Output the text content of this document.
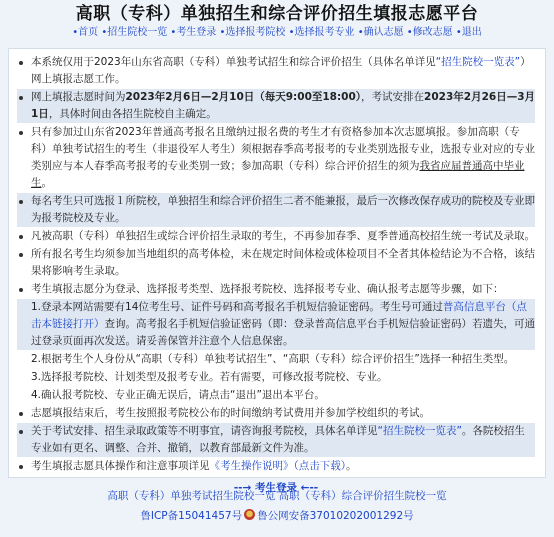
高职（专科）单独招生和综合评价招生填报志愿平台
•首页 •招生院校一览 •考生登录 •选择报考院校 •选择报考专业 •确认志愿 •修改志愿 •退出
本系统仅用于2023年山东省高职（专科）单独考试招生和综合评价招生（具体名单详见“招生院校一览表”）网上填报志愿工作。
网上填报志愿时间为2023年2月6日—2月10日（每天9:00至18:00），考试安排在2023年2月26日—3月1日，具体时间由各招生院校自主确定。
只有参加过山东省2023年普通高考报名且缴纳过报名费的考生才有资格参加本次志愿填报。参加高职（专科）单独考试招生的考生（非退役军人考生）须根据春季高考报考的专业类别选报专业，选报专业对应的专业类别应与本人春季高考报考的专业类别一致；参加高职（专科）综合评价招生的须为我省应届普通高中毕业生。
每名考生只可选报１所院校，单独招生和综合评价招生二者不能兼报，最后一次修改保存成功的院校及专业即为报考院校及专业。
凡被高职（专科）单独招生或综合评价招生录取的考生，不再参加春季、夏季普通高校招生统一考试及录取。
所有报名考生均须参加当地组织的高考体检，未在规定时间体检或体检项目不全者其体检结论为不合格，该结果将影响考生录取。
考生填报志愿分为登录、选择报考类型、选择报考院校、选择报考专业、确认报考志愿等步骤，如下：
1.登录本网站需要有14位考生号、证件号码和高考报名手机短信验证密码。考生号可通过普高信息平台（点击本链接打开）查询。高考报名手机短信验证密码（即：登录普高信息平台手机短信验证密码）若遗失，可通过登录页面再次发送。请妥善保管并注意个人信息保密。
2.根据考生个人身份从“高职（专科）单独考试招生”、“高职（专科）综合评价招生”选择一种招生类型。
3.选择报考院校、计划类型及报考专业。若有需要，可修改报考院校、专业。
4.确认报考院校、专业正确无误后，请点击“退出”退出本平台。
志愿填报结束后，考生按照报考院校公布的时间缴纳考试费用并参加学校组织的考试。
关于考试安排、招生录取政策等不明事宜，请咨询报考院校，具体名单详见“招生院校一览表”。各院校招生专业如有更名、调整、合并、撤销，以教育部最新文件为准。
考生填报志愿具体操作和注意事项详见《考生操作说明》（点击下载）。
--→ 考生登录 ←--
高职（专科）单独考试招生院校一览 高职（专科）综合评价招生院校一览
鲁ICP备15041457号 鲁公网安备37010202001292号
